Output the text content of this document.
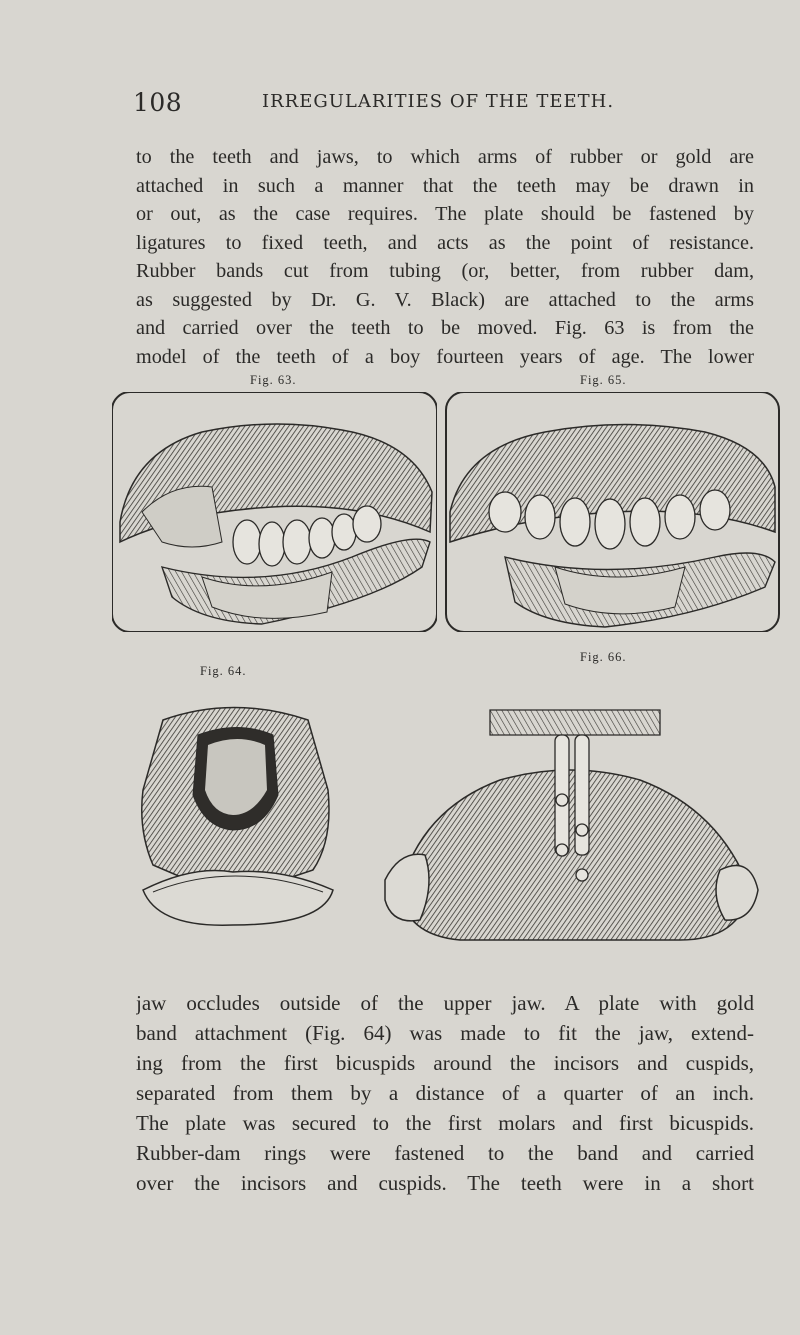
108	IRREGULARITIES OF THE TEETH.
to the teeth and jaws, to which arms of rubber or gold are
attached in such a manner that the teeth may be drawn in
or out, as the case requires. The plate should be fastened by
ligatures to fixed teeth, and acts as the point of resistance.
Rubber bands cut from tubing (or, better, from rubber dam,
as suggested by Dr. G. V. Black) are attached to the arms
and carried over the teeth to be moved. Fig. 63 is from the
model of the teeth of a boy fourteen years of age. The lower
Fig. 63.	Fig. 65.
Fig. 64.
Fig. 66.
jaw occludes outside of the upper jaw. A plate with gold
band attachment (Fig. 64) was made to fit the jaw, extend-
ing from the first bicuspids around the incisors and cuspids,
separated from them by a distance of a quarter of an inch.
The plate was secured to the first molars and first bicuspids.
Rubber-dam rings were fastened to the band and carried
over the incisors and cuspids. The teeth were in a short
